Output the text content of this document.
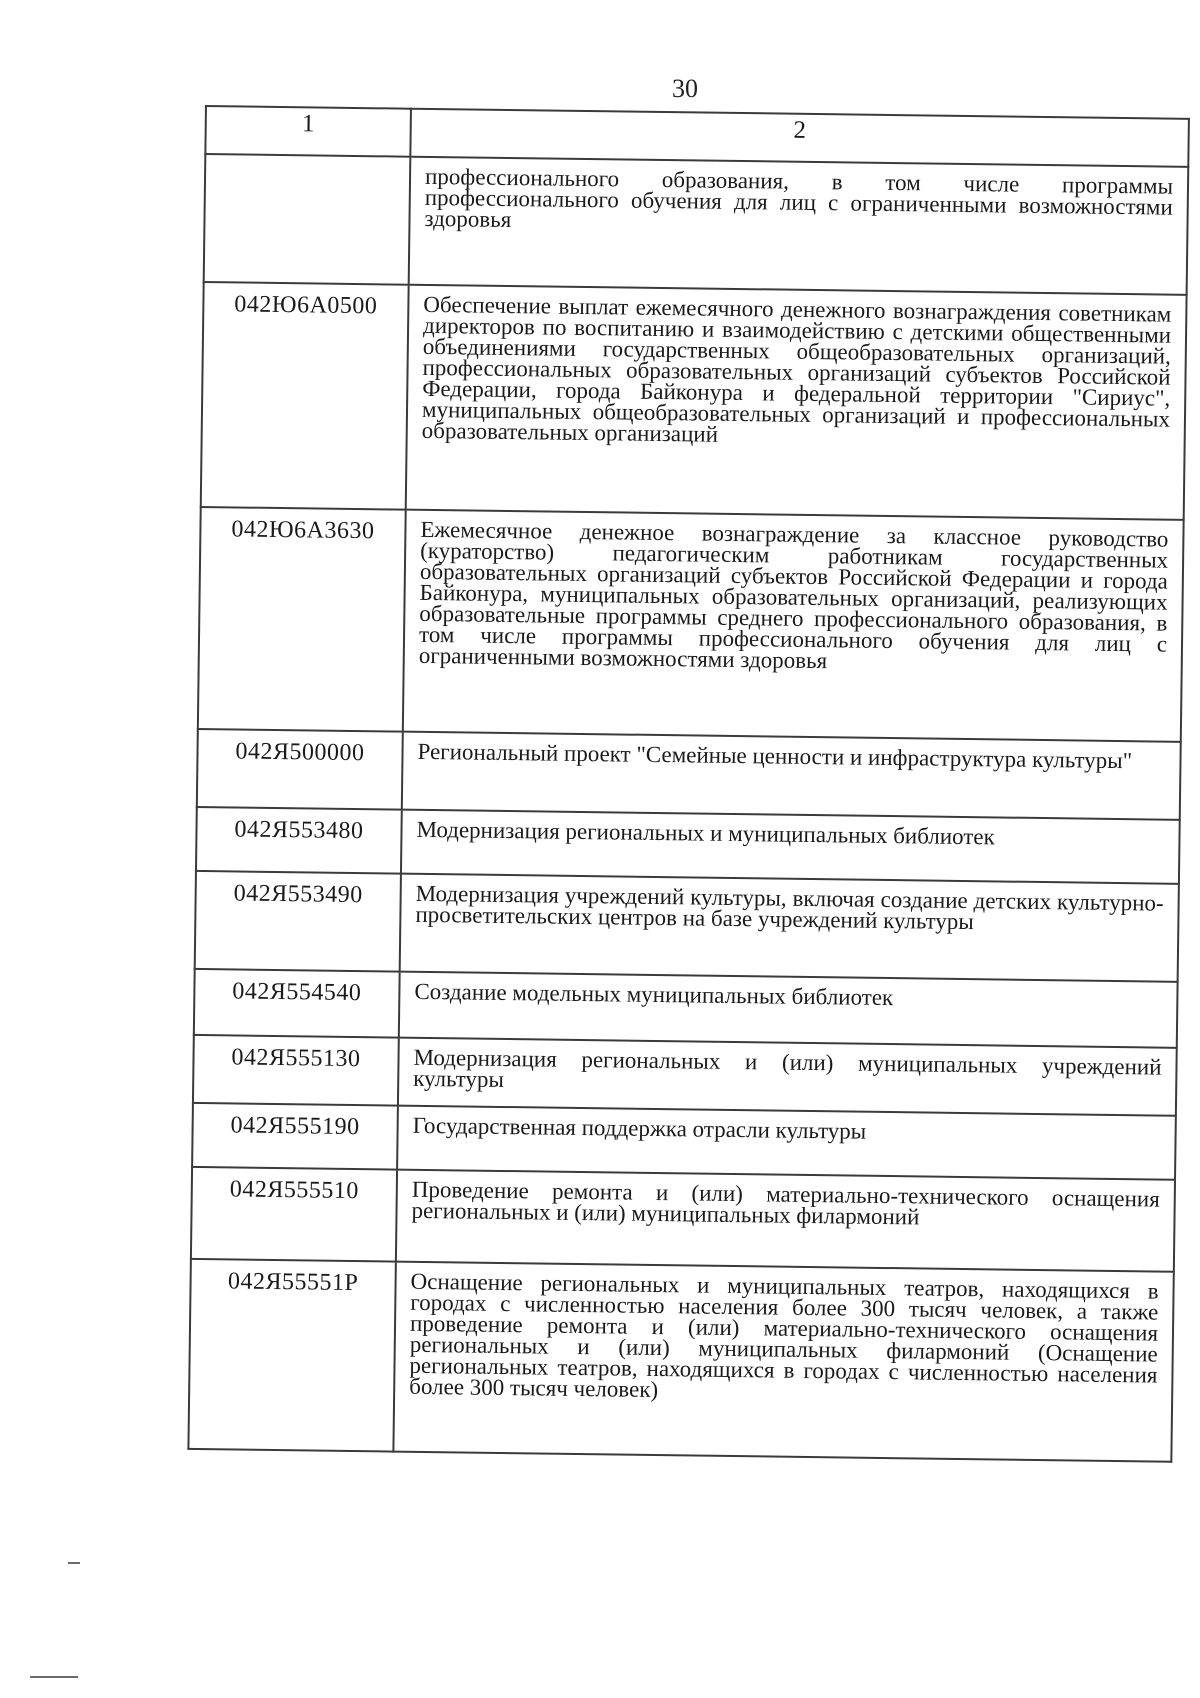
30
1	2
	профессионального образования, в том числе программы профессионального обучения для лиц с ограниченными возможностями здоровья
042Ю6А0500	Обеспечение выплат ежемесячного денежного вознаграждения советникам директоров по воспитанию и взаимодействию с детскими общественными объединениями государственных общеобразовательных организаций, профессиональных образовательных организаций субъектов Российской Федерации, города Байконура и федеральной территории "Сириус", муниципальных общеобразовательных организаций и профессиональных образовательных организаций
042Ю6А3630	Ежемесячное денежное вознаграждение за классное руководство (кураторство) педагогическим работникам государственных образовательных организаций субъектов Российской Федерации и города Байконура, муниципальных образовательных организаций, реализующих образовательные программы среднего профессионального образования, в том числе программы профессионального обучения для лиц с ограниченными возможностями здоровья
042Я500000	Региональный проект "Семейные ценности и инфраструктура культуры"
042Я553480	Модернизация региональных и муниципальных библиотек
042Я553490	Модернизация учреждений культуры, включая создание детских культурно-просветительских центров на базе учреждений культуры
042Я554540	Создание модельных муниципальных библиотек
042Я555130	Модернизация региональных и (или) муниципальных учреждений культуры
042Я555190	Государственная поддержка отрасли культуры
042Я555510	Проведение ремонта и (или) материально-технического оснащения региональных и (или) муниципальных филармоний
042Я55551Р	Оснащение региональных и муниципальных театров, находящихся в городах с численностью населения более 300 тысяч человек, а также проведение ремонта и (или) материально-технического оснащения региональных и (или) муниципальных филармоний (Оснащение региональных театров, находящихся в городах с численностью населения более 300 тысяч человек)
